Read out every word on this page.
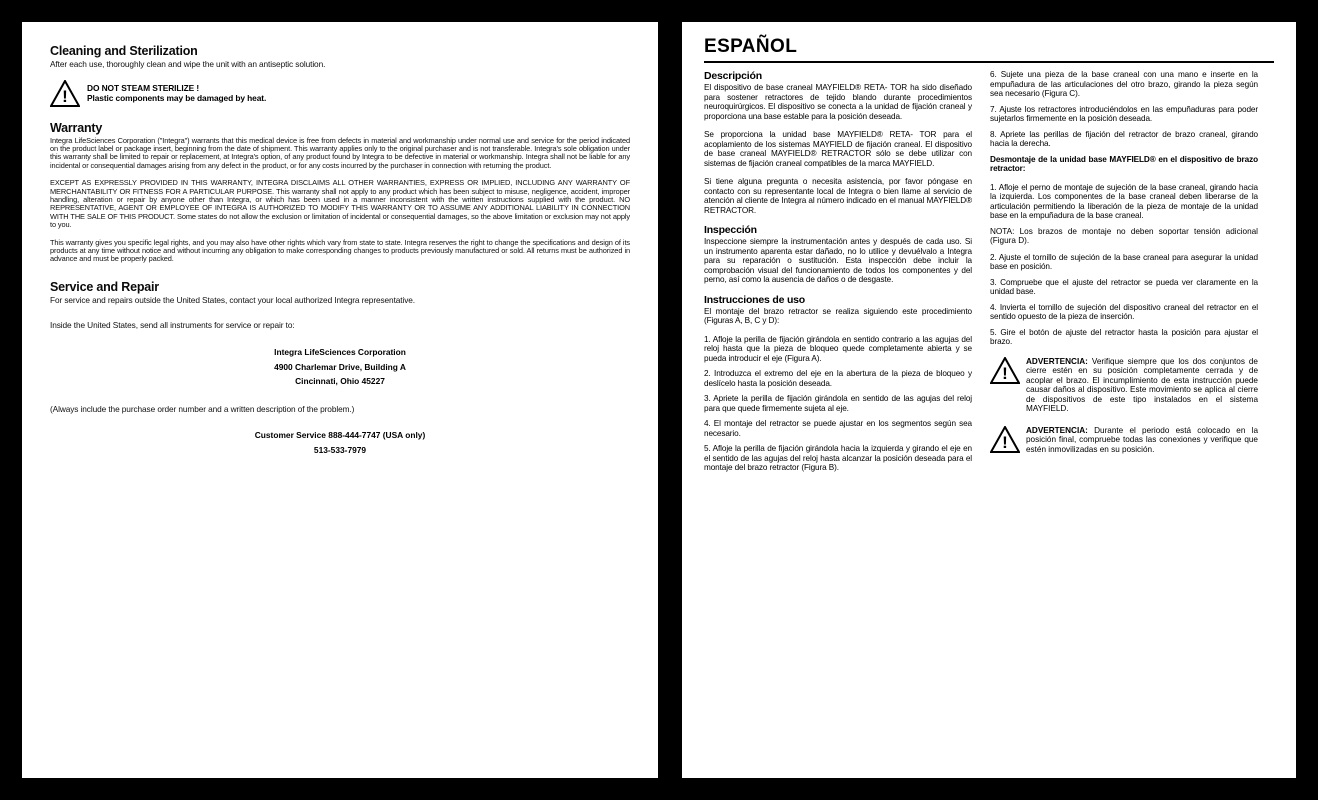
Cleaning and Sterilization

After each use, thoroughly clean and wipe the unit with an antiseptic solution.

! DO NOT STEAM STERILIZE !
Plastic components may be damaged by heat.
Warranty

Integra LifeSciences Corporation ("Integra") warrants that this medical device is free from defects in material and workmanship under normal use and service for the period indicated on the product label or package insert, beginning from the date of shipment. This warranty applies only to the original purchaser and is not transferable. Integra's sole obligation under this warranty shall be limited to repair or replacement, at Integra's option, of any product found by Integra to be defective in material or workmanship. Integra shall not be liable for any incidental or consequential damages arising from any defect in the product, or for any costs incurred by the purchaser in connection with returning the product.

EXCEPT AS EXPRESSLY PROVIDED IN THIS WARRANTY, INTEGRA DISCLAIMS ALL OTHER WARRANTIES, EXPRESS OR IMPLIED, INCLUDING ANY WARRANTY OF MERCHANTABILITY OR FITNESS FOR A PARTICULAR PURPOSE. This warranty shall not apply to any product which has been subject to misuse, negligence, accident, improper handling, alteration or repair by anyone other than Integra, or which has been used in a manner inconsistent with the written instructions supplied with the product. NO REPRESENTATIVE, AGENT OR EMPLOYEE OF INTEGRA IS AUTHORIZED TO MODIFY THIS WARRANTY OR TO ASSUME ANY ADDITIONAL LIABILITY IN CONNECTION WITH THE SALE OF THIS PRODUCT. Some states do not allow the exclusion or limitation of incidental or consequential damages, so the above limitation or exclusion may not apply to you.

This warranty gives you specific legal rights, and you may also have other rights which vary from state to state. Integra reserves the right to change the specifications and design of its products at any time without notice and without incurring any obligation to make corresponding changes to products previously manufactured or sold. All returns must be authorized in advance and must be properly packed.

Service and Repair

For service and repairs outside the United States, contact your local authorized Integra representative.

Inside the United States, send all instruments for service or repair to:

Integra LifeSciences Corporation

4900 Charlemar Drive, Building A

Cincinnati, Ohio 45227

(Always include the purchase order number and a written description of the problem.)

Customer Service 888-444-7747 (USA only)

513-533-7979

ESPAÑOL
Descripción

El dispositivo de base craneal MAYFIELD® RETA- TOR ha sido diseñado para sostener retractores de tejido blando durante procedimientos neuroquirúrgicos. El dispositivo se conecta a la unidad de fijación craneal y proporciona una base estable para la posición deseada.

Se proporciona la unidad base MAYFIELD® RETA- TOR para el acoplamiento de los sistemas MAYFIELD de fijación craneal. El dispositivo de base craneal MAYFIELD® RETRACTOR sólo se debe utilizar con sistemas de fijación craneal compatibles de la marca MAYFIELD.

Si tiene alguna pregunta o necesita asistencia, por favor póngase en contacto con su representante local de Integra o bien llame al servicio de atención al cliente de Integra al número indicado en el manual MAYFIELD® RETRACTOR.

Inspección

Inspeccione siempre la instrumentación antes y después de cada uso. Si un instrumento aparenta estar dañado, no lo utilice y devuélvalo a Integra para su reparación o sustitución. Esta inspección debe incluir la comprobación visual del funcionamiento de todos los componentes y del perno, así como la ausencia de daños o de desgaste.

Instrucciones de uso

El montaje del brazo retractor se realiza siguiendo este procedimiento (Figuras A, B, C y D):

1. Afloje la perilla de fijación girándola en sentido contrario a las agujas del reloj hasta que la pieza de bloqueo quede completamente abierta y se pueda introducir el eje (Figura A).

2. Introduzca el extremo del eje en la abertura de la pieza de bloqueo y deslícelo hasta la posición deseada.

3. Apriete la perilla de fijación girándola en sentido de las agujas del reloj para que quede firmemente sujeta al eje.

4. El montaje del retractor se puede ajustar en los segmentos según sea necesario.

5. Afloje la perilla de fijación girándola hacia la izquierda y girando el eje en el sentido de las agujas del reloj hasta alcanzar la posición deseada para el montaje del brazo retractor (Figura B).

6. Sujete una pieza de la base craneal con una mano e inserte en la empuñadura de las articulaciones del otro brazo, girando la pieza según sea necesario (Figura C).

7. Ajuste los retractores introduciéndolos en las empuñaduras para poder sujetarlos firmemente en la posición deseada.

8. Apriete las perillas de fijación del retractor de brazo craneal, girando hacia la derecha.

Desmontaje de la unidad base MAYFIELD® en el dispositivo de brazo retractor:

1. Afloje el perno de montaje de sujeción de la base craneal, girando hacia la izquierda. Los componentes de la base craneal deben liberarse de la articulación permitiendo la liberación de la pieza de montaje de la unidad base en la empuñadura de la base craneal.

NOTA: Los brazos de montaje no deben soportar tensión adicional (Figura D).

2. Ajuste el tornillo de sujeción de la base craneal para asegurar la unidad base en posición.

3. Compruebe que el ajuste del retractor se pueda ver claramente en la unidad base.

4. Invierta el tornillo de sujeción del dispositivo craneal del retractor en el sentido opuesto de la pieza de inserción.

5. Gire el botón de ajuste del retractor hasta la posición para ajustar el brazo.

!
ADVERTENCIA: Verifique siempre que los dos conjuntos de cierre estén en su posición completamente cerrada y de acoplar el brazo. El incumplimiento de esta instrucción puede causar daños al dispositivo. Este movimiento se aplica al cierre de dispositivos de este tipo instalados en el sistema MAYFIELD.
!
ADVERTENCIA: Durante el periodo está colocado en la posición final, compruebe todas las conexiones y verifique que estén inmovilizadas en su posición.
